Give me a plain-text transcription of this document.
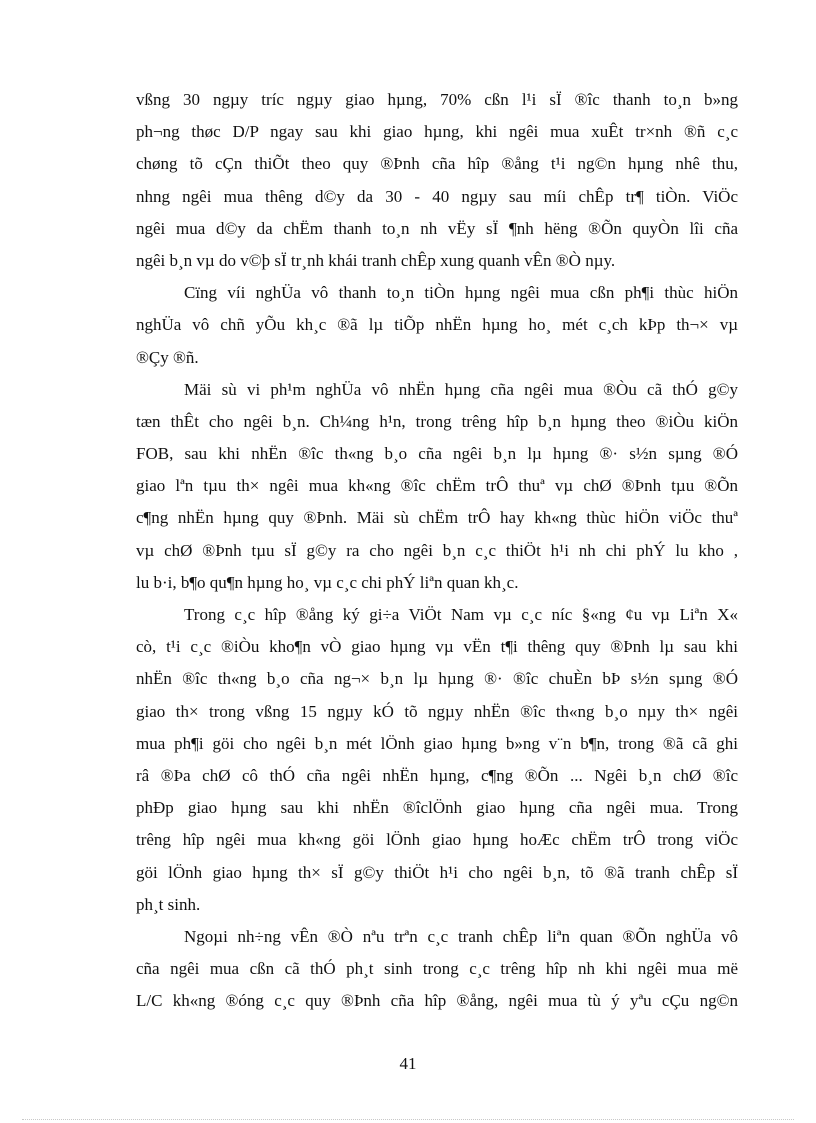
vßng 30 ngµy tríc ngµy giao hµng, 70% cßn l¹i sÏ ®îc thanh to¸n b»ng
ph¬ng thøc D/P ngay sau khi giao hµng, khi ngêi mua xuÊt tr×nh ®ñ c¸c
chøng tõ cÇn thiÕt theo quy ®Þnh cña hîp ®ång t¹i ng©n hµng nhê thu,
nhng ngêi mua thêng d©y da 30 - 40 ngµy sau míi chÊp tr¶ tiÒn. ViÖc
ngêi mua d©y da chËm thanh to¸n nh vËy sÏ ¶nh hëng ®Õn quyÒn lîi cña
ngêi b¸n vµ do v©þ sÏ tr¸nh khái tranh chÊp xung quanh vÊn ®Ò nµy.
Cïng víi nghÜa vô thanh to¸n tiÒn hµng ngêi mua cßn ph¶i thùc hiÖn
nghÜa vô chñ yÕu kh¸c ®ã lµ tiÕp nhËn hµng ho¸ mét c¸ch kÞp th¬× vµ
®Çy ®ñ.
Mäi sù vi ph¹m nghÜa vô nhËn hµng cña ngêi mua ®Òu cã thÓ g©y
tæn thÊt cho ngêi b¸n. Ch¼ng h¹n, trong trêng hîp b¸n hµng theo ®iÒu kiÖn
FOB, sau khi nhËn ®îc th«ng b¸o cña ngêi b¸n lµ hµng ®· s½n sµng ®Ó
giao lªn tµu th× ngêi mua kh«ng ®îc chËm trÔ thuª vµ chØ ®Þnh tµu ®Õn
c¶ng nhËn hµng quy ®Þnh. Mäi sù chËm trÔ hay kh«ng thùc hiÖn viÖc thuª
vµ chØ ®Þnh tµu sÏ g©y ra cho ngêi b¸n c¸c thiÖt h¹i nh chi phÝ lu kho ,
lu b·i, b¶o qu¶n hµng ho¸ vµ c¸c chi phÝ liªn quan kh¸c.
Trong c¸c hîp ®ång ký gi÷a ViÖt Nam vµ c¸c níc §«ng ¢u vµ Liªn X«
cò, t¹i c¸c ®iÒu kho¶n vÒ giao hµng vµ vËn t¶i thêng quy ®Þnh lµ sau khi
nhËn ®îc th«ng b¸o cña ng¬× b¸n lµ hµng ®· ®îc chuÈn bÞ s½n sµng ®Ó
giao th× trong vßng 15 ngµy kÓ tõ ngµy nhËn ®îc th«ng b¸o nµy th× ngêi
mua ph¶i göi cho ngêi b¸n mét lÖnh giao hµng b»ng v¨n b¶n, trong ®ã cã ghi
râ ®Þa chØ cô thÓ cña ngêi nhËn hµng, c¶ng ®Õn ... Ngêi b¸n chØ ®îc
phÐp giao hµng sau khi nhËn ®îclÖnh giao hµng cña ngêi mua. Trong
trêng hîp ngêi mua kh«ng göi lÖnh giao hµng hoÆc chËm trÔ trong viÖc
göi lÖnh giao hµng th× sÏ g©y thiÖt h¹i cho ngêi b¸n, tõ ®ã tranh chÊp sÏ
ph¸t sinh.
Ngoµi nh÷ng vÊn ®Ò nªu trªn c¸c tranh chÊp liªn quan ®Õn nghÜa vô
cña ngêi mua cßn cã thÓ ph¸t sinh trong c¸c trêng hîp nh khi ngêi mua më
L/C kh«ng ®óng c¸c quy ®Þnh cña hîp ®ång, ngêi mua tù ý yªu cÇu ng©n
41
